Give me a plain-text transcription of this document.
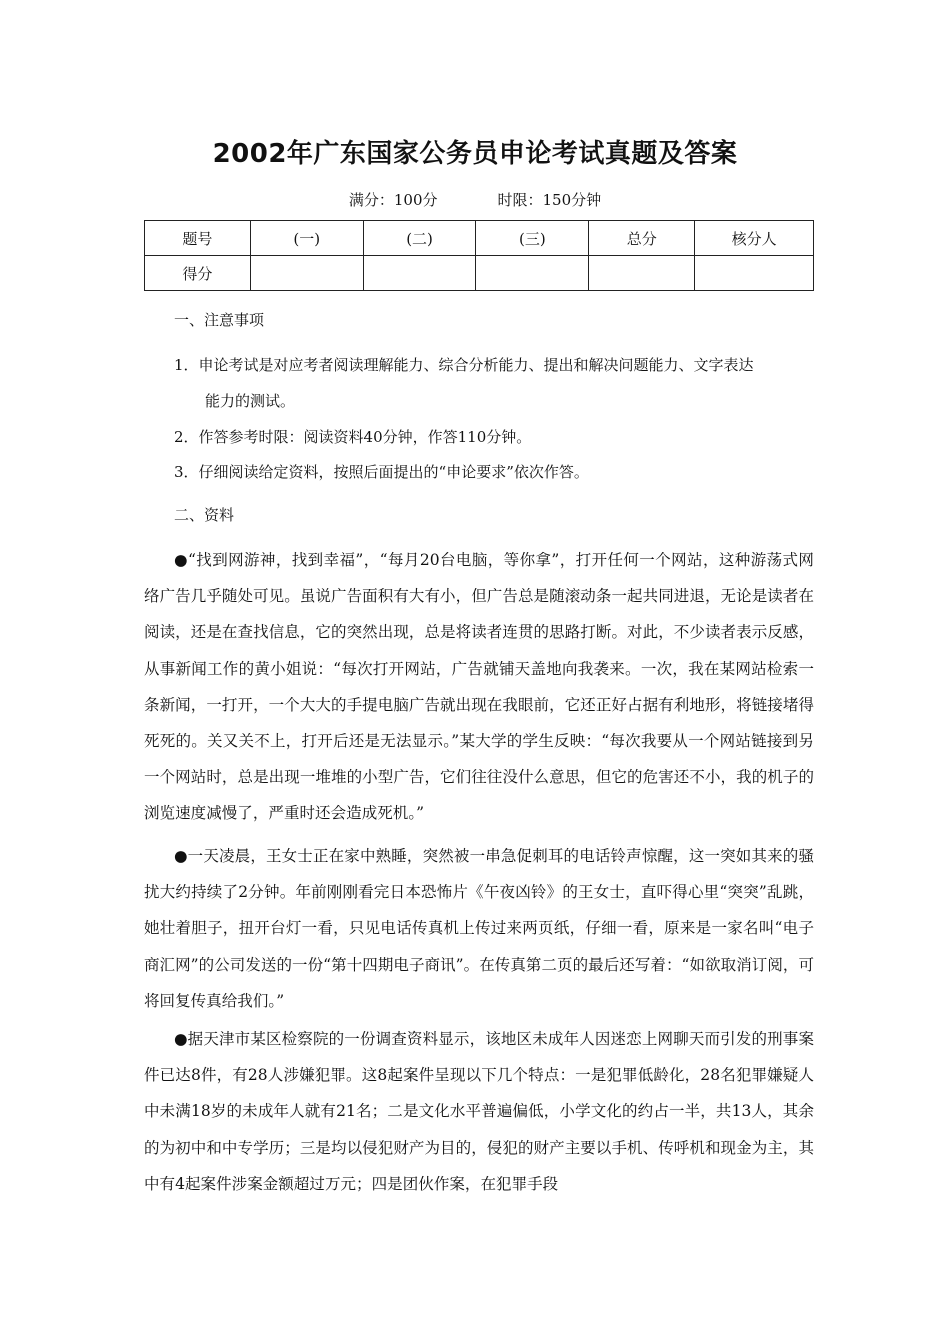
2002年广东国家公务员申论考试真题及答案
满分：100分	时限：150分钟
题号	(一)	(二)	(三)	总分	核分人
得分					
一、注意事项
1．申论考试是对应考者阅读理解能力、综合分析能力、提出和解决问题能力、文字表达
能力的测试。
2．作答参考时限：阅读资料40分钟，作答110分钟。
3．仔细阅读给定资料，按照后面提出的“申论要求”依次作答。
二、资料
●“找到网游神，找到幸福”，“每月20台电脑，等你拿”，打开任何一个网站，这种游荡式网络广告几乎随处可见。虽说广告面积有大有小，但广告总是随滚动条一起共同进退，无论是读者在阅读，还是在查找信息，它的突然出现，总是将读者连贯的思路打断。对此，不少读者表示反感，从事新闻工作的黄小姐说：“每次打开网站，广告就铺天盖地向我袭来。一次，我在某网站检索一条新闻，一打开，一个大大的手提电脑广告就出现在我眼前，它还正好占据有利地形，将链接堵得死死的。关又关不上，打开后还是无法显示。”某大学的学生反映：“每次我要从一个网站链接到另一个网站时，总是出现一堆堆的小型广告，它们往往没什么意思，但它的危害还不小，我的机子的浏览速度减慢了，严重时还会造成死机。”
●一天凌晨，王女士正在家中熟睡，突然被一串急促刺耳的电话铃声惊醒，这一突如其来的骚扰大约持续了2分钟。年前刚刚看完日本恐怖片《午夜凶铃》的王女士，直吓得心里“突突”乱跳，她壮着胆子，扭开台灯一看，只见电话传真机上传过来两页纸，仔细一看，原来是一家名叫“电子商汇网”的公司发送的一份“第十四期电子商讯”。在传真第二页的最后还写着：“如欲取消订阅，可将回复传真给我们。”
●据天津市某区检察院的一份调查资料显示，该地区未成年人因迷恋上网聊天而引发的刑事案件已达8件，有28人涉嫌犯罪。这8起案件呈现以下几个特点：一是犯罪低龄化，28名犯罪嫌疑人中未满18岁的未成年人就有21名；二是文化水平普遍偏低，小学文化的约占一半，共13人，其余的为初中和中专学历；三是均以侵犯财产为目的，侵犯的财产主要以手机、传呼机和现金为主，其中有4起案件涉案金额超过万元；四是团伙作案，在犯罪手段
